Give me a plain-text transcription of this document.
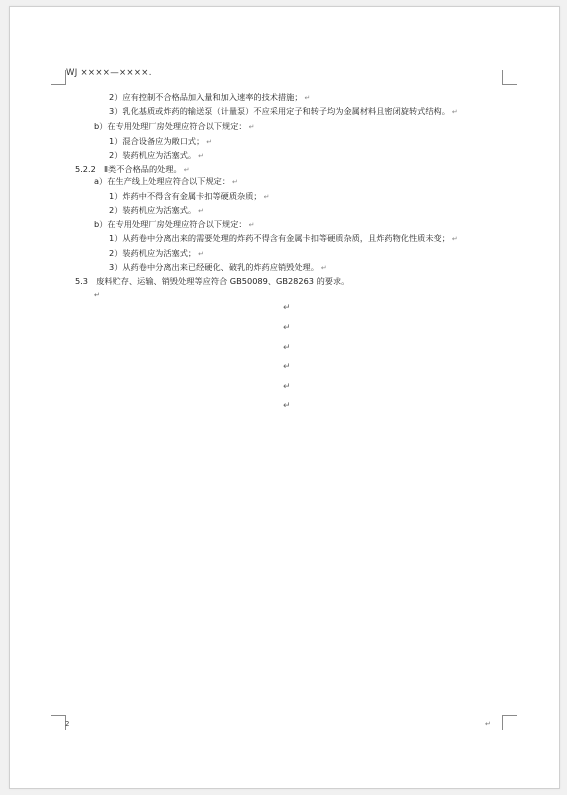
WJ ××××—××××.
2）应有控制不合格品加入量和加入速率的技术措施； ↵
3）乳化基质或炸药的输送泵（计量泵）不应采用定子和转子均为金属材料且密闭旋转式结构。 ↵
b）在专用处理厂房处理应符合以下规定： ↵
1）混合设备应为敞口式； ↵
2）装药机应为活塞式。 ↵
5.2.2　Ⅱ类不合格品的处理。 ↵
a）在生产线上处理应符合以下规定： ↵
1）炸药中不得含有金属卡扣等硬质杂质； ↵
2）装药机应为活塞式。 ↵
b）在专用处理厂房处理应符合以下规定： ↵
1）从药卷中分离出来的需要处理的炸药不得含有金属卡扣等硬质杂质，且炸药物化性质未变； ↵
2）装药机应为活塞式； ↵
3）从药卷中分离出来已经硬化、破乳的炸药应销毁处理。 ↵
5.3　废料贮存、运输、销毁处理等应符合 GB50089、GB28263 的要求。
↵
↵
↵
↵
↵
↵
↵
2	↵
